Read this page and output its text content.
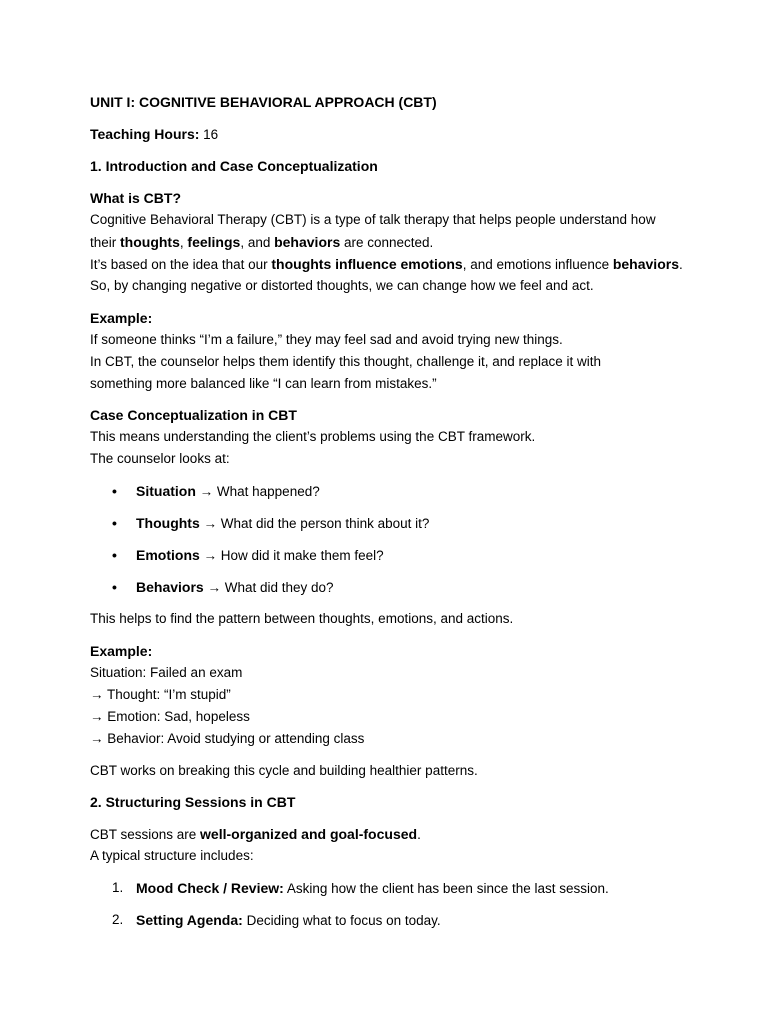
UNIT I: COGNITIVE BEHAVIORAL APPROACH (CBT)
Teaching Hours: 16
1. Introduction and Case Conceptualization
What is CBT?
Cognitive Behavioral Therapy (CBT) is a type of talk therapy that helps people understand how
their thoughts, feelings, and behaviors are connected.
It’s based on the idea that our thoughts influence emotions, and emotions influence behaviors.
So, by changing negative or distorted thoughts, we can change how we feel and act.
Example:
If someone thinks “I’m a failure,” they may feel sad and avoid trying new things.
In CBT, the counselor helps them identify this thought, challenge it, and replace it with
something more balanced like “I can learn from mistakes.”
Case Conceptualization in CBT
This means understanding the client’s problems using the CBT framework.
The counselor looks at:
• Situation → What happened?
• Thoughts → What did the person think about it?
• Emotions → How did it make them feel?
• Behaviors → What did they do?
This helps to find the pattern between thoughts, emotions, and actions.
Example:
Situation: Failed an exam
→ Thought: “I’m stupid”
→ Emotion: Sad, hopeless
→ Behavior: Avoid studying or attending class
CBT works on breaking this cycle and building healthier patterns.
2. Structuring Sessions in CBT
CBT sessions are well-organized and goal-focused.
A typical structure includes:
1. Mood Check / Review: Asking how the client has been since the last session.
2. Setting Agenda: Deciding what to focus on today.
